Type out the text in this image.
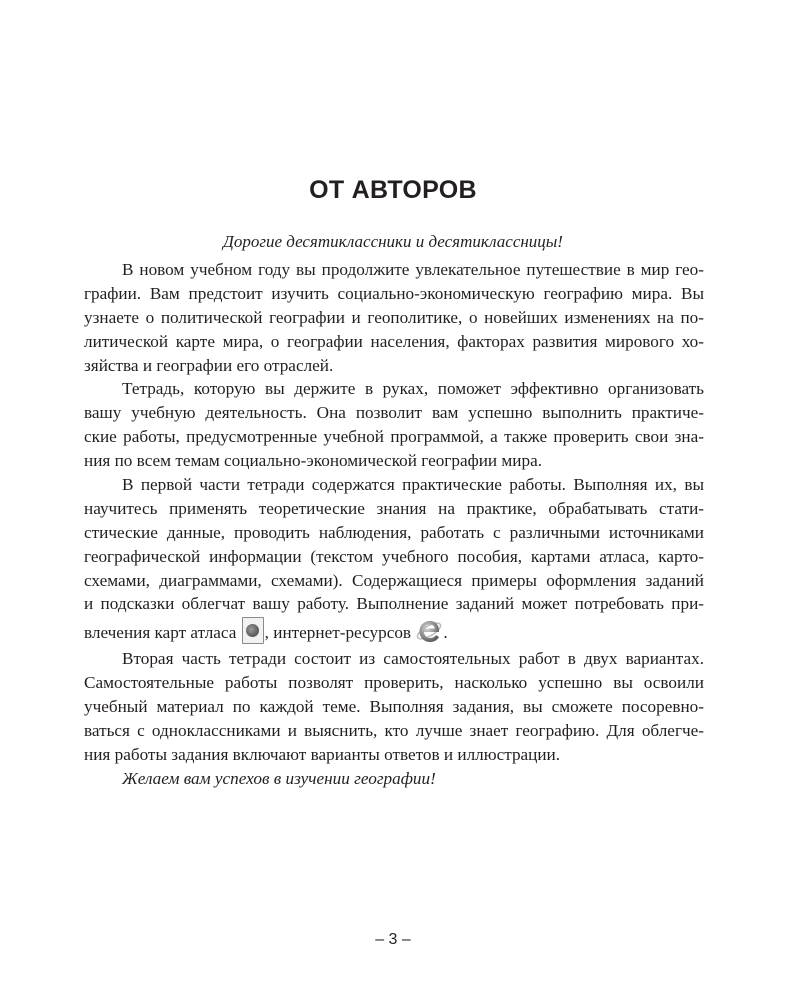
ОТ АВТОРОВ
Дорогие десятиклассники и десятиклассницы!
В новом учебном году вы продолжите увлекательное путешествие в мир гео-
графии. Вам предстоит изучить социально-экономическую географию мира. Вы
узнаете о политической географии и геополитике, о новейших изменениях на по-
литической карте мира, о географии населения, факторах развития мирового хо-
зяйства и географии его отраслей.
Тетрадь, которую вы держите в руках, поможет эффективно организовать
вашу учебную деятельность. Она позволит вам успешно выполнить практиче-
ские работы, предусмотренные учебной программой, а также проверить свои зна-
ния по всем темам социально-экономической географии мира.
В первой части тетради содержатся практические работы. Выполняя их, вы
научитесь применять теоретические знания на практике, обрабатывать стати-
стические данные, проводить наблюдения, работать с различными источниками
географической информации (текстом учебного пособия, картами атласа, карто-
схемами, диаграммами, схемами). Содержащиеся примеры оформления заданий
и подсказки облегчат вашу работу. Выполнение заданий может потребовать при-
влечения карт атласа , интернет-ресурсов .
Вторая часть тетради состоит из самостоятельных работ в двух вариантах.
Самостоятельные работы позволят проверить, насколько успешно вы освоили
учебный материал по каждой теме. Выполняя задания, вы сможете посоревно-
ваться с одноклассниками и выяснить, кто лучше знает географию. Для облегче-
ния работы задания включают варианты ответов и иллюстрации.
Желаем вам успехов в изучении географии!
– 3 –
